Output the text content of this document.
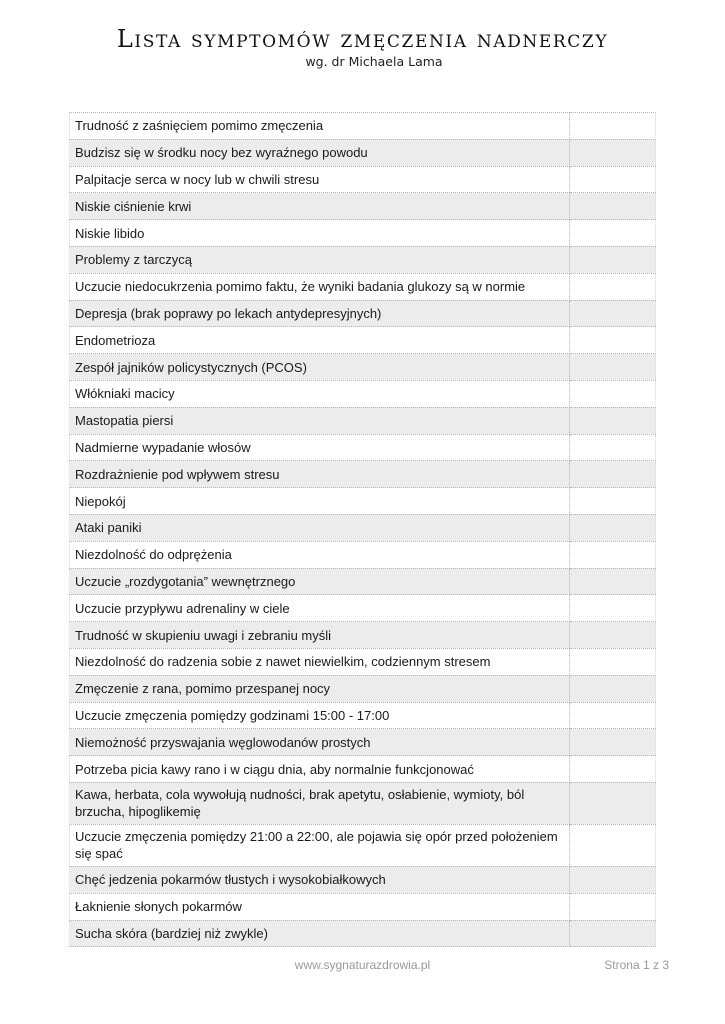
Lista symptomów zmęczenia nadnerczy
wg. dr Michaela Lama
Trudność z zaśnięciem pomimo zmęczenia	
Budzisz się w środku nocy bez wyraźnego powodu	
Palpitacje serca w nocy lub w chwili stresu	
Niskie ciśnienie krwi	
Niskie libido	
Problemy z tarczycą	
Uczucie niedocukrzenia pomimo faktu, że wyniki badania glukozy są w normie	
Depresja (brak poprawy po lekach antydepresyjnych)	
Endometrioza	
Zespół jajników policystycznych (PCOS)	
Włókniaki macicy	
Mastopatia piersi	
Nadmierne wypadanie włosów	
Rozdrażnienie pod wpływem stresu	
Niepokój	
Ataki paniki	
Niezdolność do odprężenia	
Uczucie „rozdygotania” wewnętrznego	
Uczucie przypływu adrenaliny w ciele	
Trudność w skupieniu uwagi i zebraniu myśli	
Niezdolność do radzenia sobie z nawet niewielkim, codziennym stresem	
Zmęczenie z rana, pomimo przespanej nocy	
Uczucie zmęczenia pomiędzy godzinami 15:00 - 17:00	
Niemożność przyswajania węglowodanów prostych	
Potrzeba picia kawy rano i w ciągu dnia, aby normalnie funkcjonować	
Kawa, herbata, cola wywołują nudności, brak apetytu, osłabienie, wymioty, ból brzucha, hipoglikemię	
Uczucie zmęczenia pomiędzy 21:00 a 22:00, ale pojawia się opór przed położeniem się spać	
Chęć jedzenia pokarmów tłustych i wysokobiałkowych	
Łaknienie słonych pokarmów	
Sucha skóra (bardziej niż zwykle)	
www.sygnaturazdrowia.pl	Strona 1 z 3
